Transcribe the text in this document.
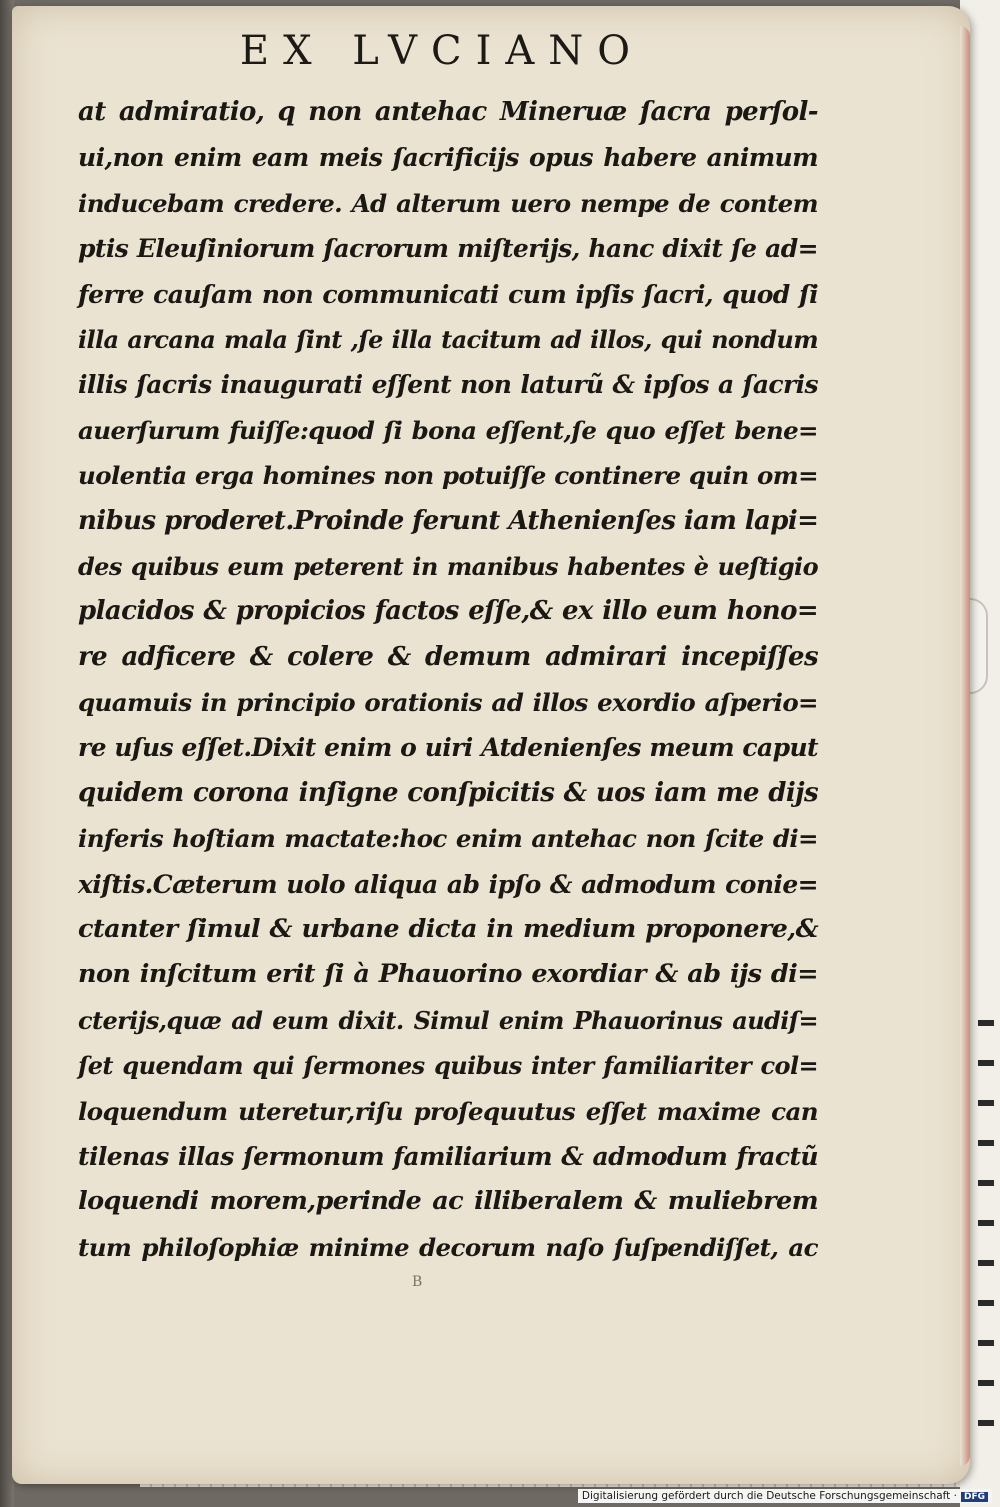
EX LVCIANO
at admiratio, q non antehac Mineruæ ſacra perſol-
ui,non enim eam meis ſacrificijs opus habere animum
inducebam credere. Ad alterum uero nempe de contem
ptis Eleuſiniorum ſacrorum miſterijs, hanc dixit ſe ad=
ferre cauſam non communicati cum ipſis ſacri, quod ſi
illa arcana mala ſint ,ſe illa tacitum ad illos, qui nondum
illis ſacris inaugurati eſſent non laturũ & ipſos a ſacris
auerſurum fuiſſe:quod ſi bona eſſent,ſe quo eſſet bene=
uolentia erga homines non potuiſſe continere quin om=
nibus proderet.Proinde ferunt Athenienſes iam lapi=
des quibus eum peterent in manibus habentes è ueſtigio
placidos & propicios factos eſſe,& ex illo eum hono=
re adficere & colere & demum admirari incepiſſes
quamuis in principio orationis ad illos exordio aſperio=
re uſus eſſet.Dixit enim o uiri Atdenienſes meum caput
quidem corona inſigne conſpicitis & uos iam me dijs
inferis hoſtiam mactate:hoc enim antehac non ſcite di=
xiſtis.Cæterum uolo aliqua ab ipſo & admodum conie=
ctanter ſimul & urbane dicta in medium proponere,&
non inſcitum erit ſi à Phauorino exordiar & ab ijs di=
cterijs,quæ ad eum dixit. Simul enim Phauorinus audiſ=
ſet quendam qui ſermones quibus inter familiariter col=
loquendum uteretur,riſu proſequutus eſſet maxime can
tilenas illas ſermonum familiarium & admodum fractũ
loquendi morem,perinde ac illiberalem & muliebrem
tum philoſophiæ minime decorum naſo ſuſpendiſſet, ac
B
Digitalisierung gefördert durch die Deutsche Forschungsgemeinschaft · DFG
